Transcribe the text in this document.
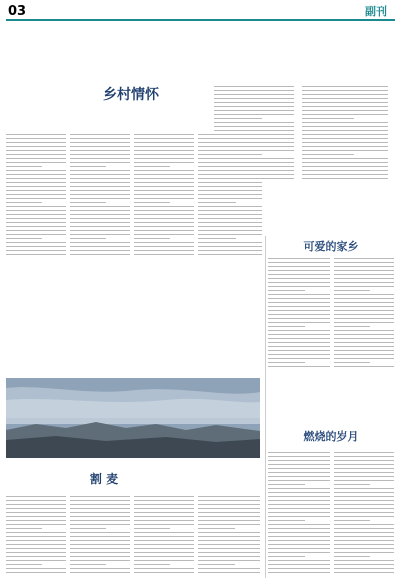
03	副刊
乡村情怀
可爱的家乡
割 麦
燃烧的岁月
